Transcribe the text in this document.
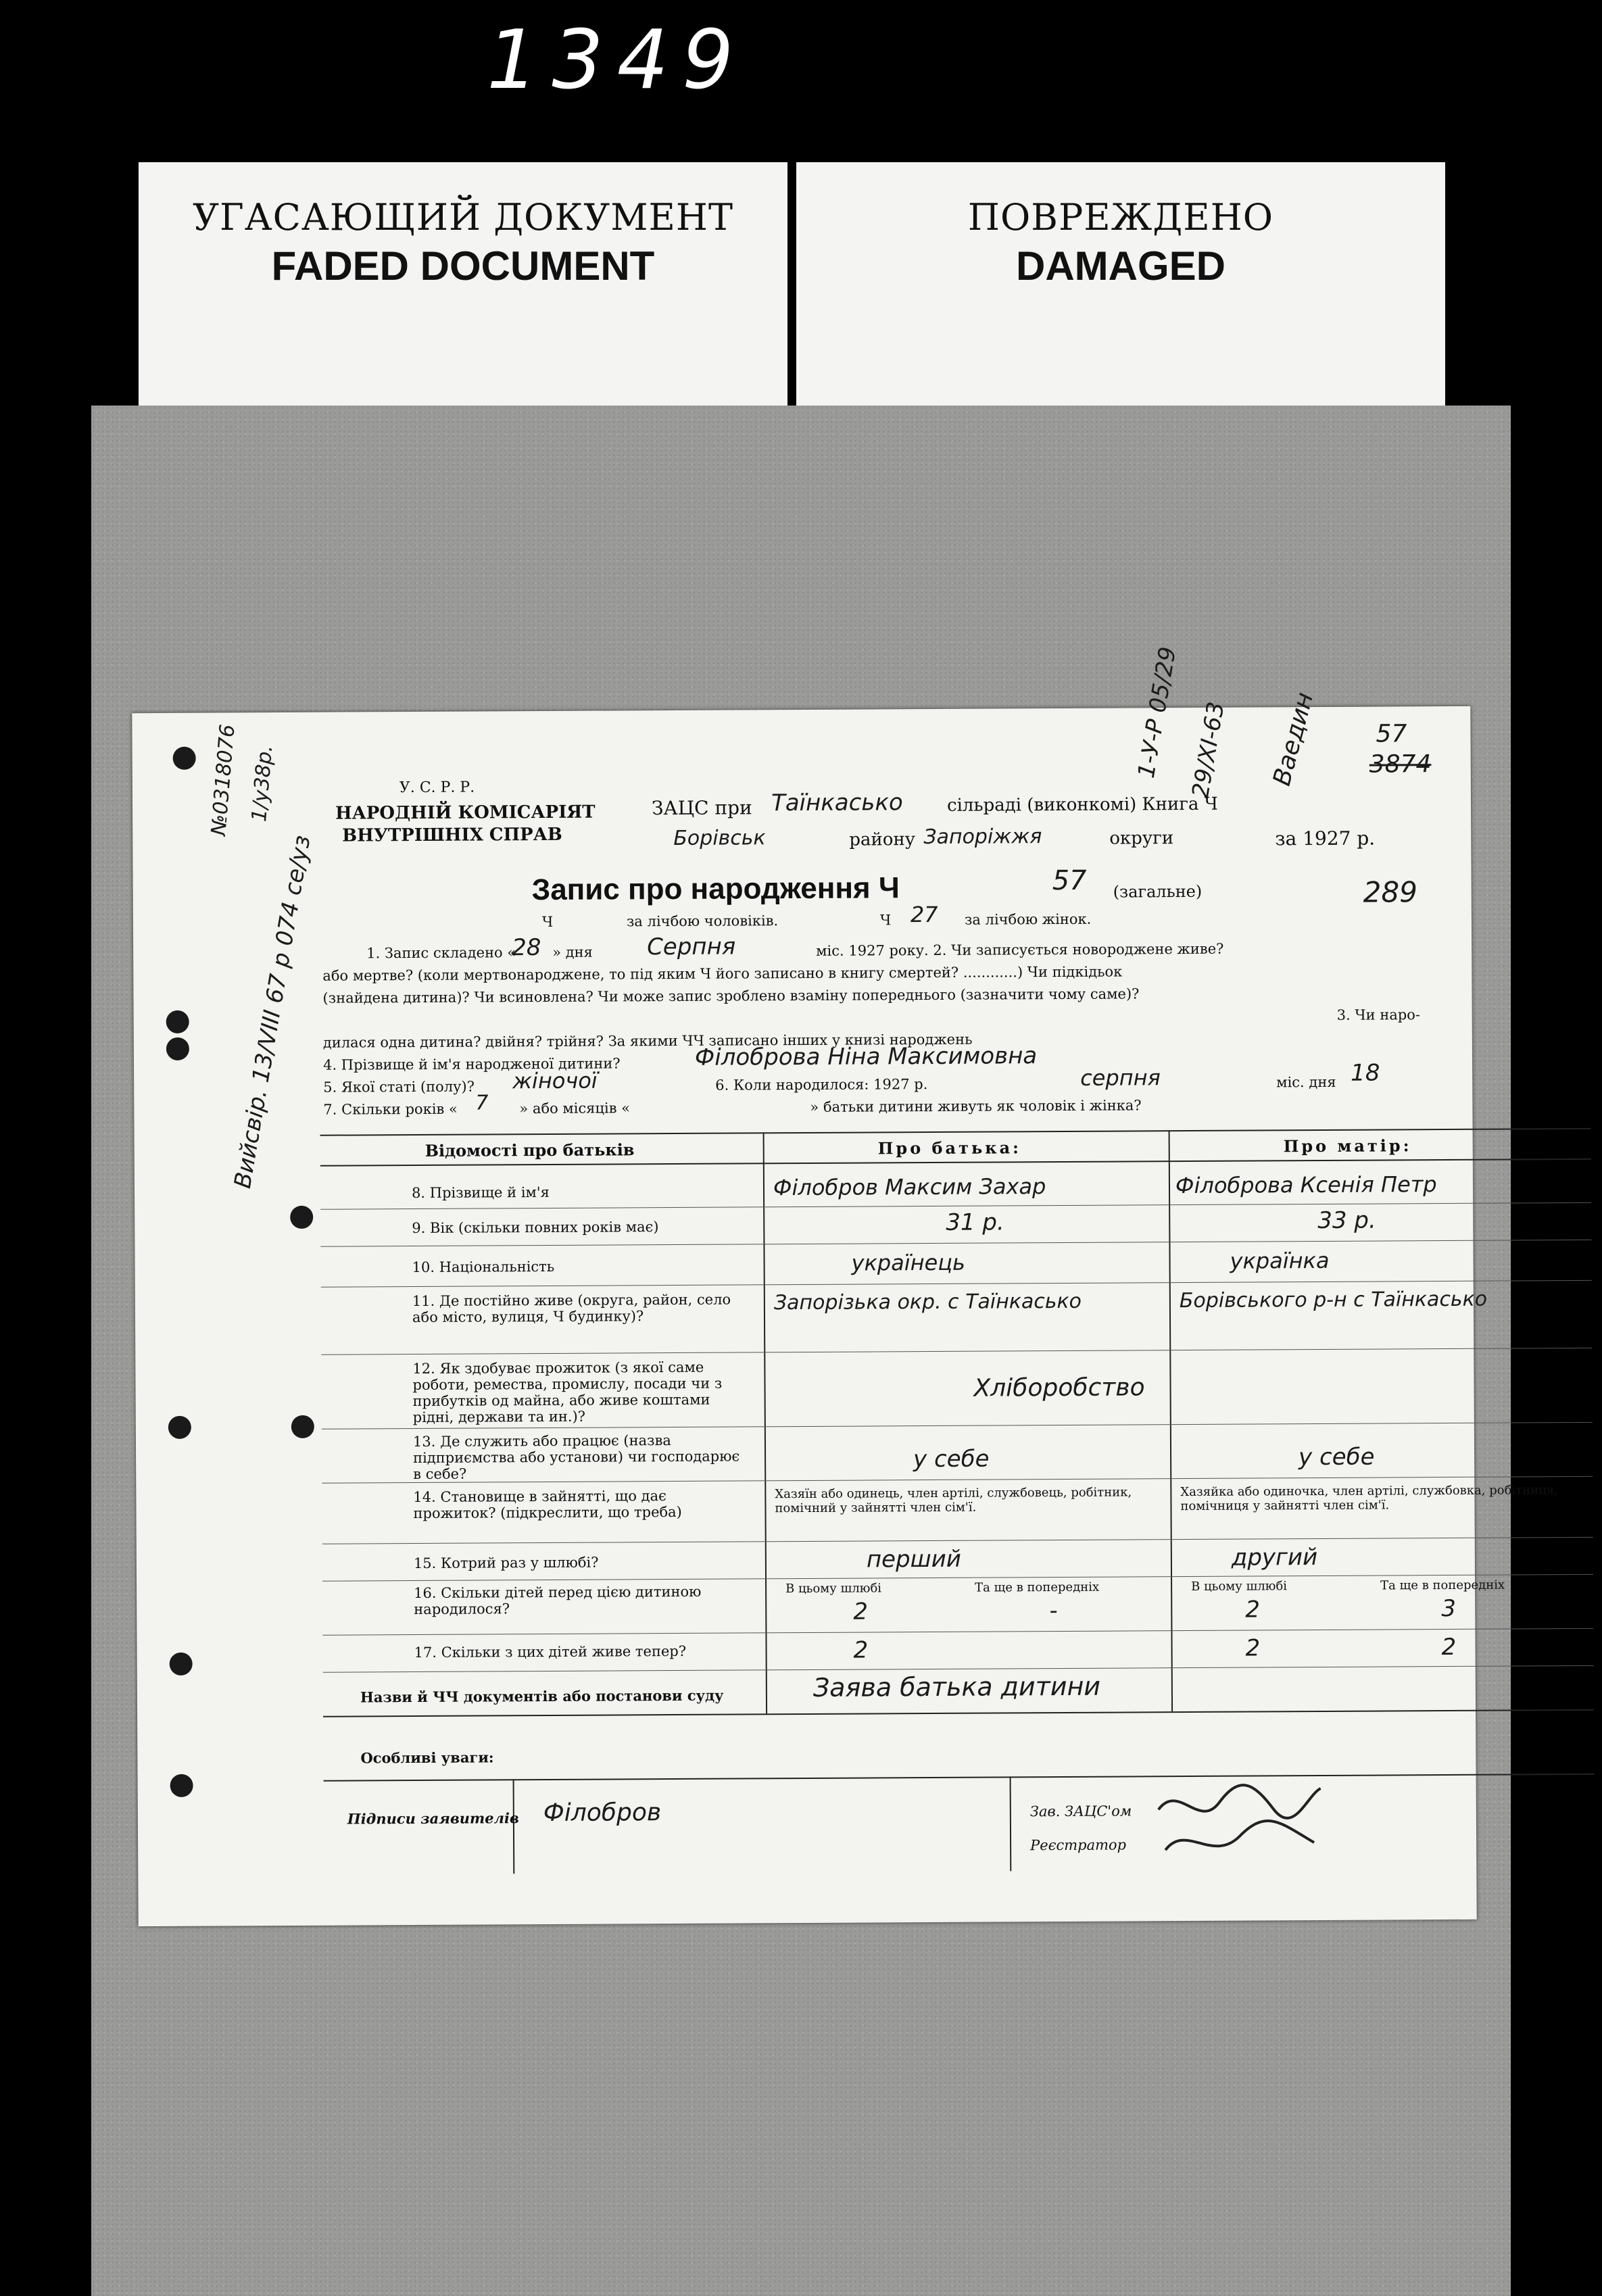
1349
УГАСАЮЩИЙ ДОКУМЕНТ
FADED DOCUMENT
ПОВРЕЖДЕНО
DAMAGED
№0318076 1/у38р.
Вийсвір. 13/VIII 67 р 074 се/уз
1-У-Р 05/29 29/XI-63 Ваедин 57
3874
289
У. С. Р. Р.
НАРОДНІЙ КОМІСАРІЯТ
ВНУТРІШНІХ СПРАВ
ЗАЦС при Таїнкасько	сільраді (виконкомі) Книга Ч
Борівськ	району Запоріжжя	округи	за 1927 р.
Запис про народження Ч	57 (загальне)
Ч	за лічбою чоловіків.	Ч 27 за лічбою жінок.
1. Запис складено «
28 » дня Серпня	міс. 1927 року. 2. Чи записується новороджене живе?
або мертве? (коли мертвонароджене, то під яким Ч його записано в книгу смертей? ............) Чи підкідьок
(знайдена дитина)? Чи всиновлена? Чи може запис зроблено взаміну попереднього (зазначити чому саме)?
3. Чи наро-
дилася одна дитина? двійня? трійня? За якими ЧЧ записано інших у книзі народжень
4. Прізвище й ім'я народженої дитини?	Філоброва Ніна Максимовна
5. Якої статі (полу)? жіночої	6. Коли народилося: 1927 р.	серпня	18
міс. дня
7. Скільки років « 7 » або місяців «	» батьки дитини живуть як чоловік і жінка?
Відомості про батьків	Про батька:	Про матір:
8. Прізвище й ім'я	Філобров Максим Захар	Філоброва Ксенія Петр
9. Вік (скільки повних років має)	31 р.	33 р.
10. Національність	українець	українка
11. Де постійно живе (округа, район, село або місто, вулиця, Ч будинку)?
Запорізька окр. с Таїнкасько	Борівського р-н с Таїнкасько
12. Як здобуває прожиток (з якої саме роботи, ремества, промислу, посади чи з прибутків од майна, або живе коштами рідні, держави та ин.)?
Хліборобство
13. Де служить або працює (назва підприємства або установи) чи господарює в себе?
у себе	у себе
14. Становище в зайнятті, що дає прожиток? (підкреслити, що треба)
Хазяїн або одинець, член артілі, службовець, робітник, помічний у зайнятті член сім'ї.
Хазяйка або одиночка, член артілі, службовка, робітниця, помічниця у зайнятті член сім'ї.
15. Котрий раз у шлюбі?	перший	другий
16. Скільки дітей перед цією дитиною народилося?
В цьому шлюбі	Та ще в попередніх	В цьому шлюбі	Та ще в попередніх
2	-	2	3
17. Скільки з цих дітей живе тепер?	2	2	2
Назви й ЧЧ документів або постанови суду	Заява батька дитини
Особливі уваги:
Підписи заявителів Філобров	Зав. ЗАЦС'ом
Реєстратор
